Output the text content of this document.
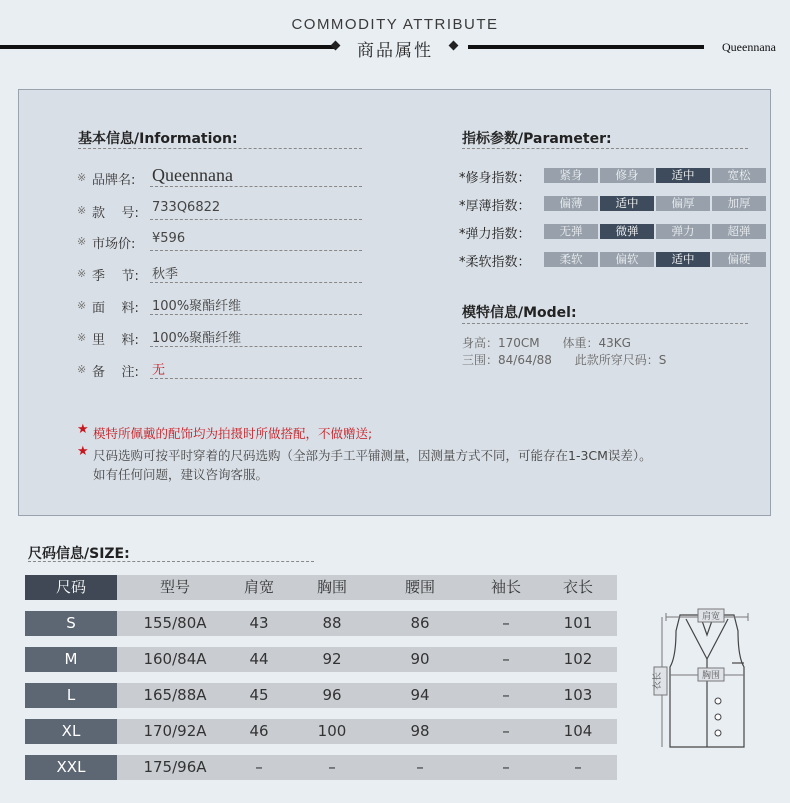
COMMODITY ATTRIBUTE
商品属性	Queennana
基本信息/Information:
※ 品牌名: Queennana
※ 款    号: 733Q6822
※ 市场价: ¥596
※ 季    节: 秋季
※ 面    料: 100%聚酯纤维
※ 里    料: 100%聚酯纤维
※ 备    注: 无
指标参数/Parameter:
*修身指数：	紧身	修身	适中	宽松
*厚薄指数：	偏薄	适中	偏厚	加厚
*弹力指数：	无弹	微弹	弹力	超弹
*柔软指数：	柔软	偏软	适中	偏硬
模特信息/Model:
身高：170CM      体重：43KG
三围：84/64/88      此款所穿尺码：S
★ 模特所佩戴的配饰均为拍摄时所做搭配，不做赠送;
★ 尺码选购可按平时穿着的尺码选购（全部为手工平铺测量，因测量方式不同，可能存在1-3CM误差）。
如有任何问题，建议咨询客服。
尺码信息/SIZE:
尺码	型号	肩宽	胸围	腰围	袖长	衣长
S	155/80A	43	88	86	–	101
M	160/84A	44	92	90	–	102
L	165/88A	45	96	94	–	103
XL	170/92A	46	100	98	–	104
XXL	175/96A	–	–	–	–	–
肩宽
胸围
衣长
